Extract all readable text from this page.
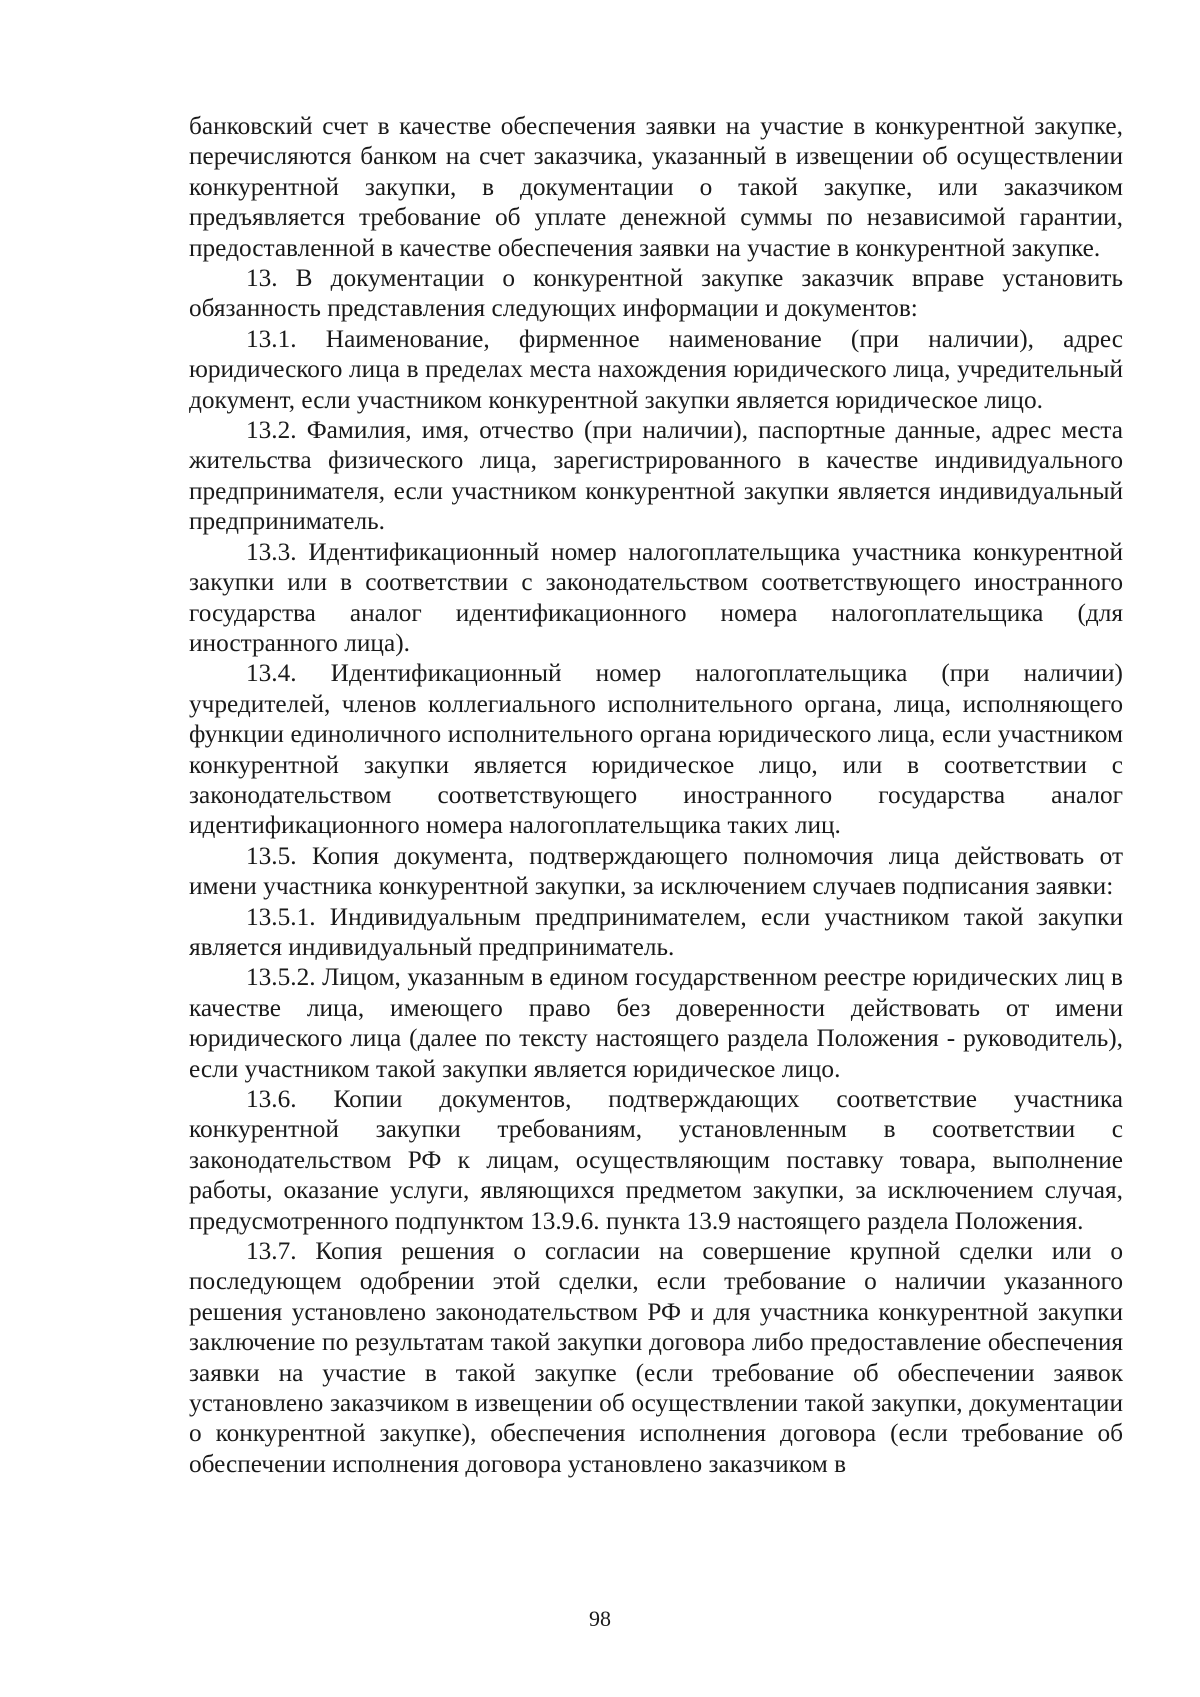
банковский счет в качестве обеспечения заявки на участие в конкурентной закупке, перечисляются банком на счет заказчика, указанный в извещении об осуществлении конкурентной закупки, в документации о такой закупке, или заказчиком предъявляется требование об уплате денежной суммы по независимой гарантии, предоставленной в качестве обеспечения заявки на участие в конкурентной закупке.

13. В документации о конкурентной закупке заказчик вправе установить обязанность представления следующих информации и документов:

13.1. Наименование, фирменное наименование (при наличии), адрес юридического лица в пределах места нахождения юридического лица, учредительный документ, если участником конкурентной закупки является юридическое лицо.

13.2. Фамилия, имя, отчество (при наличии), паспортные данные, адрес места жительства физического лица, зарегистрированного в качестве индивидуального предпринимателя, если участником конкурентной закупки является индивидуальный предприниматель.

13.3. Идентификационный номер налогоплательщика участника конкурентной закупки или в соответствии с законодательством соответствующего иностранного государства аналог идентификационного номера налогоплательщика (для иностранного лица).

13.4. Идентификационный номер налогоплательщика (при наличии) учредителей, членов коллегиального исполнительного органа, лица, исполняющего функции единоличного исполнительного органа юридического лица, если участником конкурентной закупки является юридическое лицо, или в соответствии с законодательством соответствующего иностранного государства аналог идентификационного номера налогоплательщика таких лиц.

13.5. Копия документа, подтверждающего полномочия лица действовать от имени участника конкурентной закупки, за исключением случаев подписания заявки:

13.5.1. Индивидуальным предпринимателем, если участником такой закупки является индивидуальный предприниматель.

13.5.2. Лицом, указанным в едином государственном реестре юридических лиц в качестве лица, имеющего право без доверенности действовать от имени юридического лица (далее по тексту настоящего раздела Положения - руководитель), если участником такой закупки является юридическое лицо.

13.6. Копии документов, подтверждающих соответствие участника конкурентной закупки требованиям, установленным в соответствии с законодательством РФ к лицам, осуществляющим поставку товара, выполнение работы, оказание услуги, являющихся предметом закупки, за исключением случая, предусмотренного подпунктом 13.9.6. пункта 13.9 настоящего раздела Положения.

13.7. Копия решения о согласии на совершение крупной сделки или о последующем одобрении этой сделки, если требование о наличии указанного решения установлено законодательством РФ и для участника конкурентной закупки заключение по результатам такой закупки договора либо предоставление обеспечения заявки на участие в такой закупке (если требование об обеспечении заявок установлено заказчиком в извещении об осуществлении такой закупки, документации о конкурентной закупке), обеспечения исполнения договора (если требование об обеспечении исполнения договора установлено заказчиком в

98
